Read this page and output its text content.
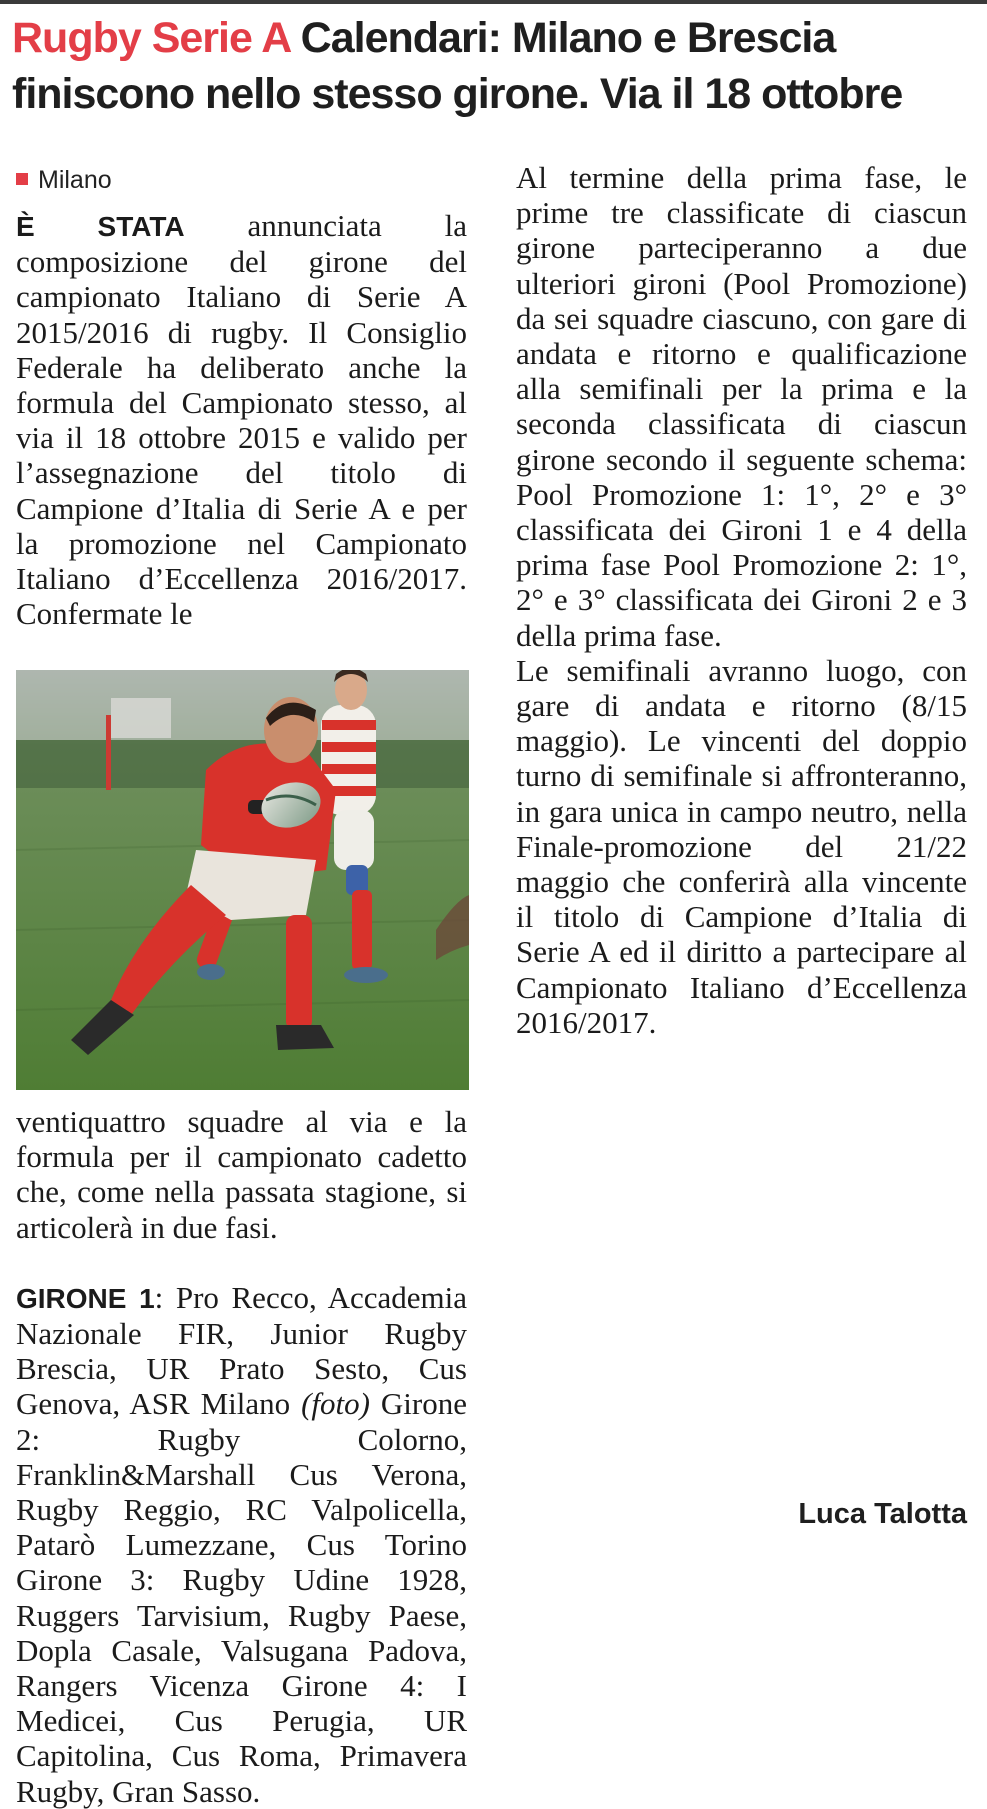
Rugby Serie A Calendari: Milano e Brescia finiscono nello stesso girone. Via il 18 ottobre
Milano

È STATA annunciata la composizione del girone del campionato Italiano di Serie A 2015/2016 di rugby. Il Consiglio Federale ha deliberato anche la formula del Campionato stesso, al via il 18 ottobre 2015 e valido per l’assegnazione del titolo di Campione d’Italia di Serie A e per la promozione nel Campionato Italiano d’Eccellenza 2016/2017. Confermate le

ventiquattro squadre al via e la formula per il campionato cadetto che, come nella passata stagione, si articolerà in due fasi.

GIRONE 1: Pro Recco, Accademia Nazionale FIR, Junior Rugby Brescia, UR Prato Sesto, Cus Genova, ASR Milano (foto) Girone 2: Rugby Colorno, Franklin&Marshall Cus Verona, Rugby Reggio, RC Valpolicella, Patarò Lumezzane, Cus Torino Girone 3: Rugby Udine 1928, Ruggers Tarvisium, Rugby Paese, Dopla Casale, Valsugana Padova, Rangers Vicenza Girone 4: I Medicei, Cus Perugia, UR Capitolina, Cus Roma, Primavera Rugby, Gran Sasso.

Al termine della prima fase, le prime tre classificate di ciascun girone parteciperanno a due ulteriori gironi (Pool Promozione) da sei squadre ciascuno, con gare di andata e ritorno e qualificazione alla semifinali per la prima e la seconda classificata di ciascun girone secondo il seguente schema: Pool Promozione 1: 1°, 2° e 3° classificata dei Gironi 1 e 4 della prima fase Pool Promozione 2: 1°, 2° e 3° classificata dei Gironi 2 e 3 della prima fase.

Le semifinali avranno luogo, con gare di andata e ritorno (8/15 maggio). Le vincenti del doppio turno di semifinale si affronteranno, in gara unica in campo neutro, nella Finale-promozione del 21/22 maggio che conferirà alla vincente il titolo di Campione d’Italia di Serie A ed il diritto a partecipare al Campionato Italiano d’Eccellenza 2016/2017.

Luca Talotta
